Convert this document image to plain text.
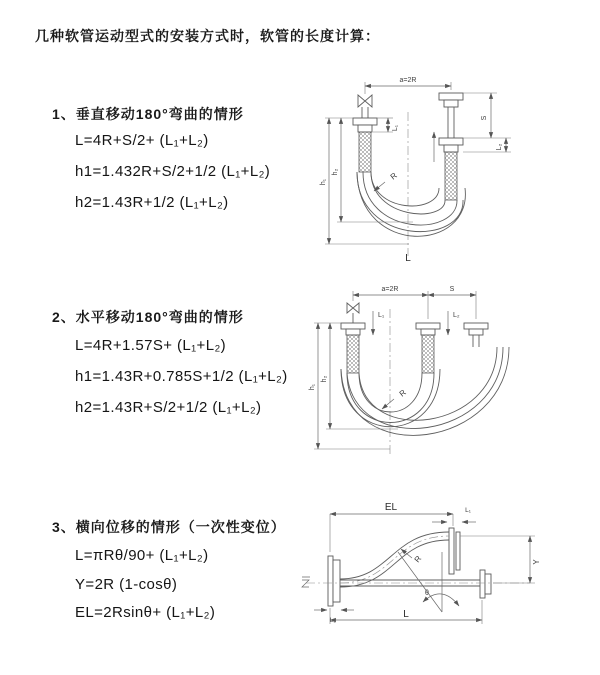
几种软管运动型式的安装方式时，软管的长度计算：
1、垂直移动180°弯曲的情形
L=4R+S/2+ (L₁+L₂)
h1=1.432R+S/2+1/2 (L₁+L₂)
h2=1.43R+1/2 (L₁+L₂)
2、水平移动180°弯曲的情形
L=4R+1.57S+ (L₁+L₂)
h1=1.43R+0.785S+1/2 (L₁+L₂)
h2=1.43R+S/2+1/2 (L₁+L₂)
3、横向位移的情形（一次性变位）
L=πRθ/90+ (L₁+L₂)
Y=2R (1-cosθ)
EL=2Rsinθ+ (L₁+L₂)
a=2R
L₁
S
L₂
R
h₁
h₂
L
a=2R	S
L₁	L₂
R
h₁
h₂
EL	L₁
R
θ
Y
L₂
L
